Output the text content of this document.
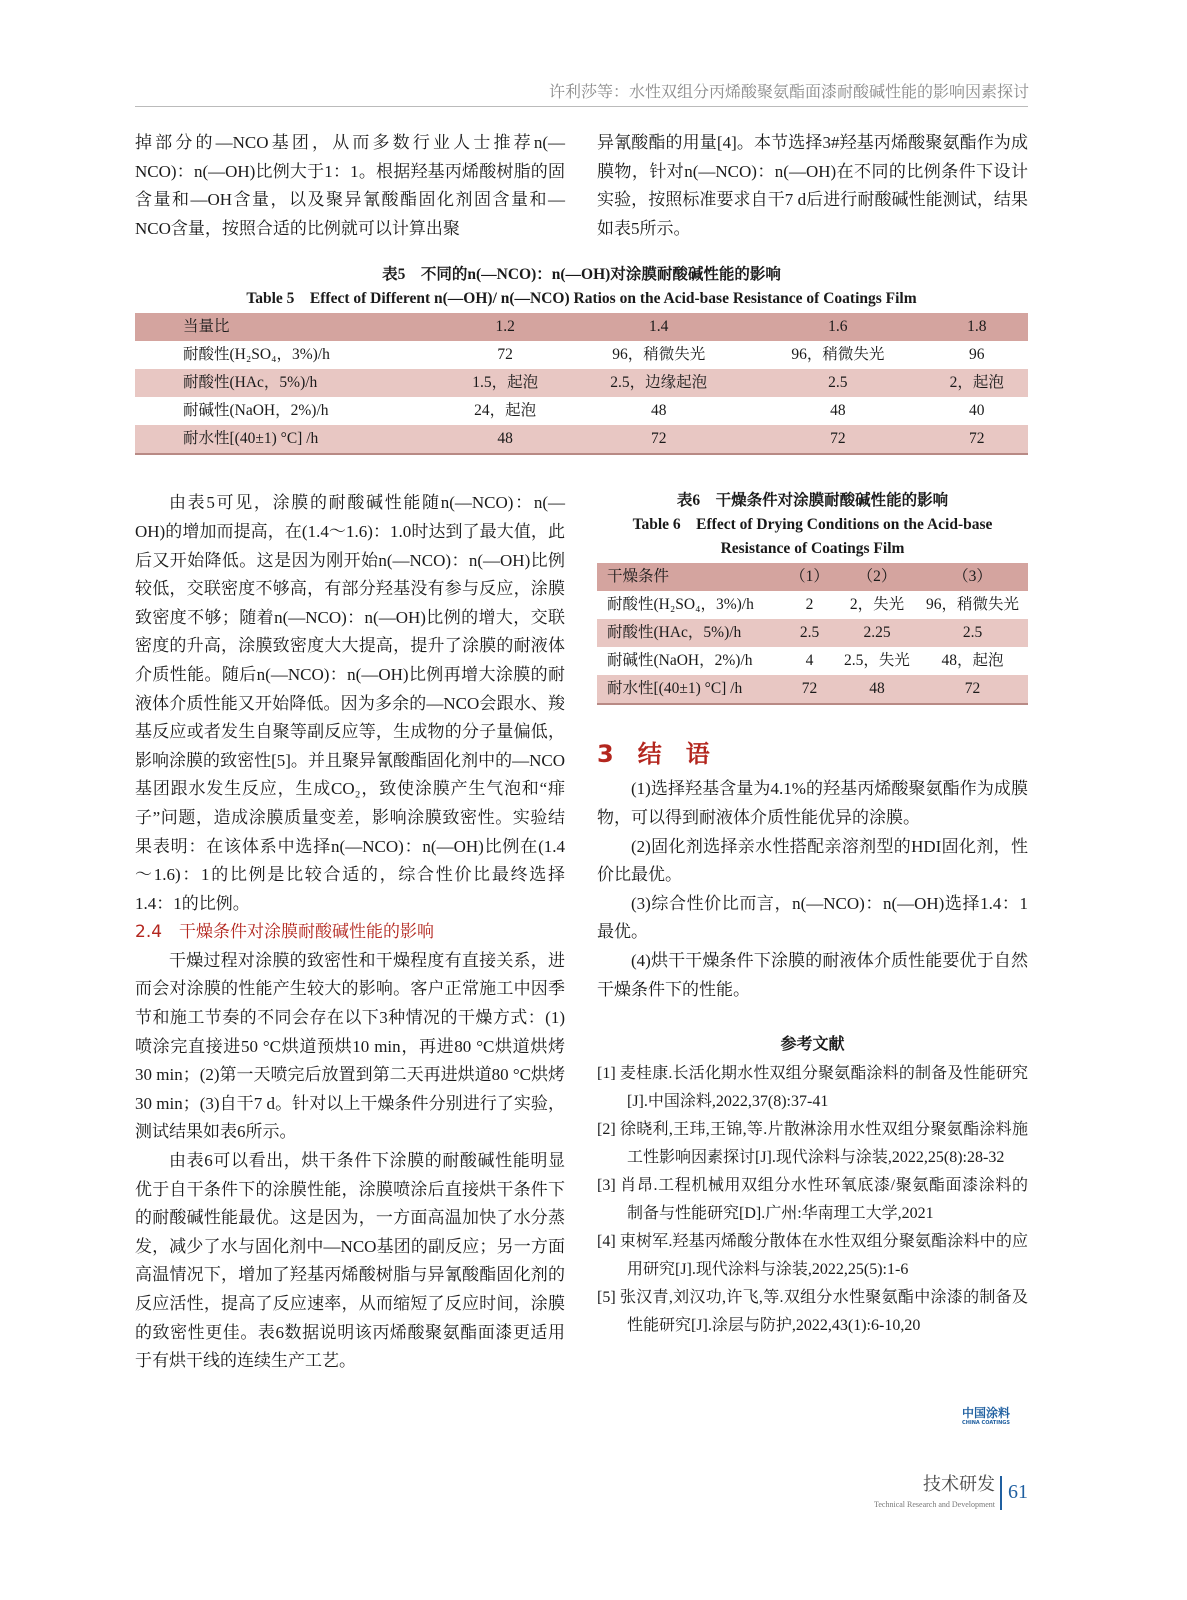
许利莎等：水性双组分丙烯酸聚氨酯面漆耐酸碱性能的影响因素探讨

掉部分的—NCO基团，从而多数行业人士推荐n(—NCO)：n(—OH)比例大于1：1。根据羟基丙烯酸树脂的固含量和—OH含量，以及聚异氰酸酯固化剂固含量和—NCO含量，按照合适的比例就可以计算出聚

异氰酸酯的用量[4]。本节选择3#羟基丙烯酸聚氨酯作为成膜物，针对n(—NCO)：n(—OH)在不同的比例条件下设计实验，按照标准要求自干7 d后进行耐酸碱性能测试，结果如表5所示。

表5　不同的n(—NCO)：n(—OH)对涂膜耐酸碱性能的影响
Table 5　Effect of Different n(—OH)/ n(—NCO) Ratios on the Acid-base Resistance of Coatings Film
当量比	1.2	1.4	1.6	1.8
耐酸性(H₂SO₄，3%)/h	72	96，稍微失光	96，稍微失光	96
耐酸性(HAc，5%)/h	1.5，起泡	2.5，边缘起泡	2.5	2，起泡
耐碱性(NaOH，2%)/h	24，起泡	48	48	40
耐水性[(40±1) °C] /h	48	72	72	72

由表5可见，涂膜的耐酸碱性能随n(—NCO)：n(—OH)的增加而提高，在(1.4～1.6)：1.0时达到了最大值，此后又开始降低。这是因为刚开始n(—NCO)：n(—OH)比例较低，交联密度不够高，有部分羟基没有参与反应，涂膜致密度不够；随着n(—NCO)：n(—OH)比例的增大，交联密度的升高，涂膜致密度大大提高，提升了涂膜的耐液体介质性能。随后n(—NCO)：n(—OH)比例再增大涂膜的耐液体介质性能又开始降低。因为多余的—NCO会跟水、羧基反应或者发生自聚等副反应等，生成物的分子量偏低，影响涂膜的致密性[5]。并且聚异氰酸酯固化剂中的—NCO基团跟水发生反应，生成CO₂，致使涂膜产生气泡和“痱子”问题，造成涂膜质量变差，影响涂膜致密性。实验结果表明：在该体系中选择n(—NCO)：n(—OH)比例在(1.4～1.6)：1的比例是比较合适的，综合性价比最终选择1.4：1的比例。

2.4　干燥条件对涂膜耐酸碱性能的影响

干燥过程对涂膜的致密性和干燥程度有直接关系，进而会对涂膜的性能产生较大的影响。客户正常施工中因季节和施工节奏的不同会存在以下3种情况的干燥方式：(1)喷涂完直接进50 °C烘道预烘10 min，再进80 °C烘道烘烤30 min；(2)第一天喷完后放置到第二天再进烘道80 °C烘烤30 min；(3)自干7 d。针对以上干燥条件分别进行了实验，测试结果如表6所示。

由表6可以看出，烘干条件下涂膜的耐酸碱性能明显优于自干条件下的涂膜性能，涂膜喷涂后直接烘干条件下的耐酸碱性能最优。这是因为，一方面高温加快了水分蒸发，减少了水与固化剂中—NCO基团的副反应；另一方面高温情况下，增加了羟基丙烯酸树脂与异氰酸酯固化剂的反应活性，提高了反应速率，从而缩短了反应时间，涂膜的致密性更佳。表6数据说明该丙烯酸聚氨酯面漆更适用于有烘干线的连续生产工艺。

表6　干燥条件对涂膜耐酸碱性能的影响
Table 6　Effect of Drying Conditions on the Acid-base
Resistance of Coatings Film
干燥条件	（1）	（2）	（3）
耐酸性(H₂SO₄，3%)/h	2	2，失光	96，稍微失光
耐酸性(HAc，5%)/h	2.5	2.25	2.5
耐碱性(NaOH，2%)/h	4	2.5，失光	48，起泡
耐水性[(40±1) °C] /h	72	48	72
3　结　语

(1)选择羟基含量为4.1%的羟基丙烯酸聚氨酯作为成膜物，可以得到耐液体介质性能优异的涂膜。

(2)固化剂选择亲水性搭配亲溶剂型的HDI固化剂，性价比最优。

(3)综合性价比而言，n(—NCO)：n(—OH)选择1.4：1最优。

(4)烘干干燥条件下涂膜的耐液体介质性能要优于自然干燥条件下的性能。

参考文献

[1] 麦桂康.长活化期水性双组分聚氨酯涂料的制备及性能研究[J].中国涂料,2022,37(8):37-41

[2] 徐晓利,王玮,王锦,等.片散淋涂用水性双组分聚氨酯涂料施工性影响因素探讨[J].现代涂料与涂装,2022,25(8):28-32

[3] 肖昂.工程机械用双组分水性环氧底漆/聚氨酯面漆涂料的制备与性能研究[D].广州:华南理工大学,2021

[4] 束树军.羟基丙烯酸分散体在水性双组分聚氨酯涂料中的应用研究[J].现代涂料与涂装,2022,25(5):1-6

[5] 张汉青,刘汉功,许飞,等.双组分水性聚氨酯中涂漆的制备及性能研究[J].涂层与防护,2022,43(1):6-10,20

中国涂料
CHINA COATINGS
技术研发
Technical Research and Development
61
